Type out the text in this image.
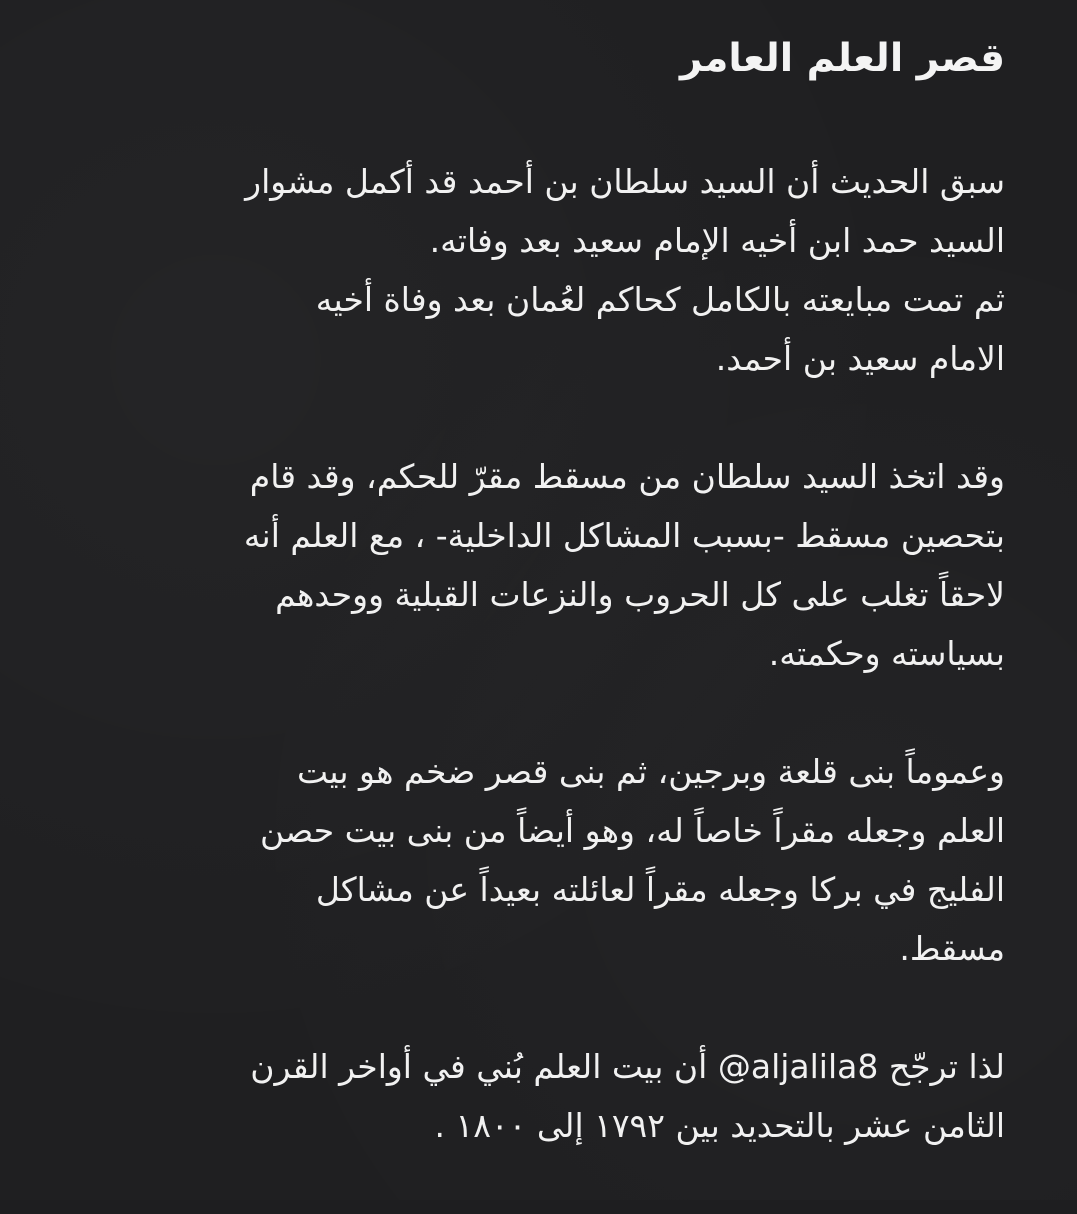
قصر العلم العامر
سبق الحديث أن السيد سلطان بن أحمد قد أكمل مشوار
السيد حمد ابن أخيه الإمام سعيد بعد وفاته.
ثم تمت مبايعته بالكامل كحاكم لعُمان بعد وفاة أخيه
الامام سعيد بن أحمد.
وقد اتخذ السيد سلطان من مسقط مقرّ للحكم، وقد قام
بتحصين مسقط -بسبب المشاكل الداخلية- ، مع العلم أنه
لاحقاً تغلب على كل الحروب والنزعات القبلية ووحدهم
بسياسته وحكمته.
وعموماً بنى قلعة وبرجين، ثم بنى قصر ضخم هو بيت
العلم وجعله مقراً خاصاً له، وهو أيضاً من بنى بيت حصن
الفليج في بركا وجعله مقراً لعائلته بعيداً عن مشاكل
مسقط.
لذا ترجّح @aljalila8 أن بيت العلم بُني في أواخر القرن
الثامن عشر بالتحديد بين ١٧٩٢ إلى ١٨٠٠ .
